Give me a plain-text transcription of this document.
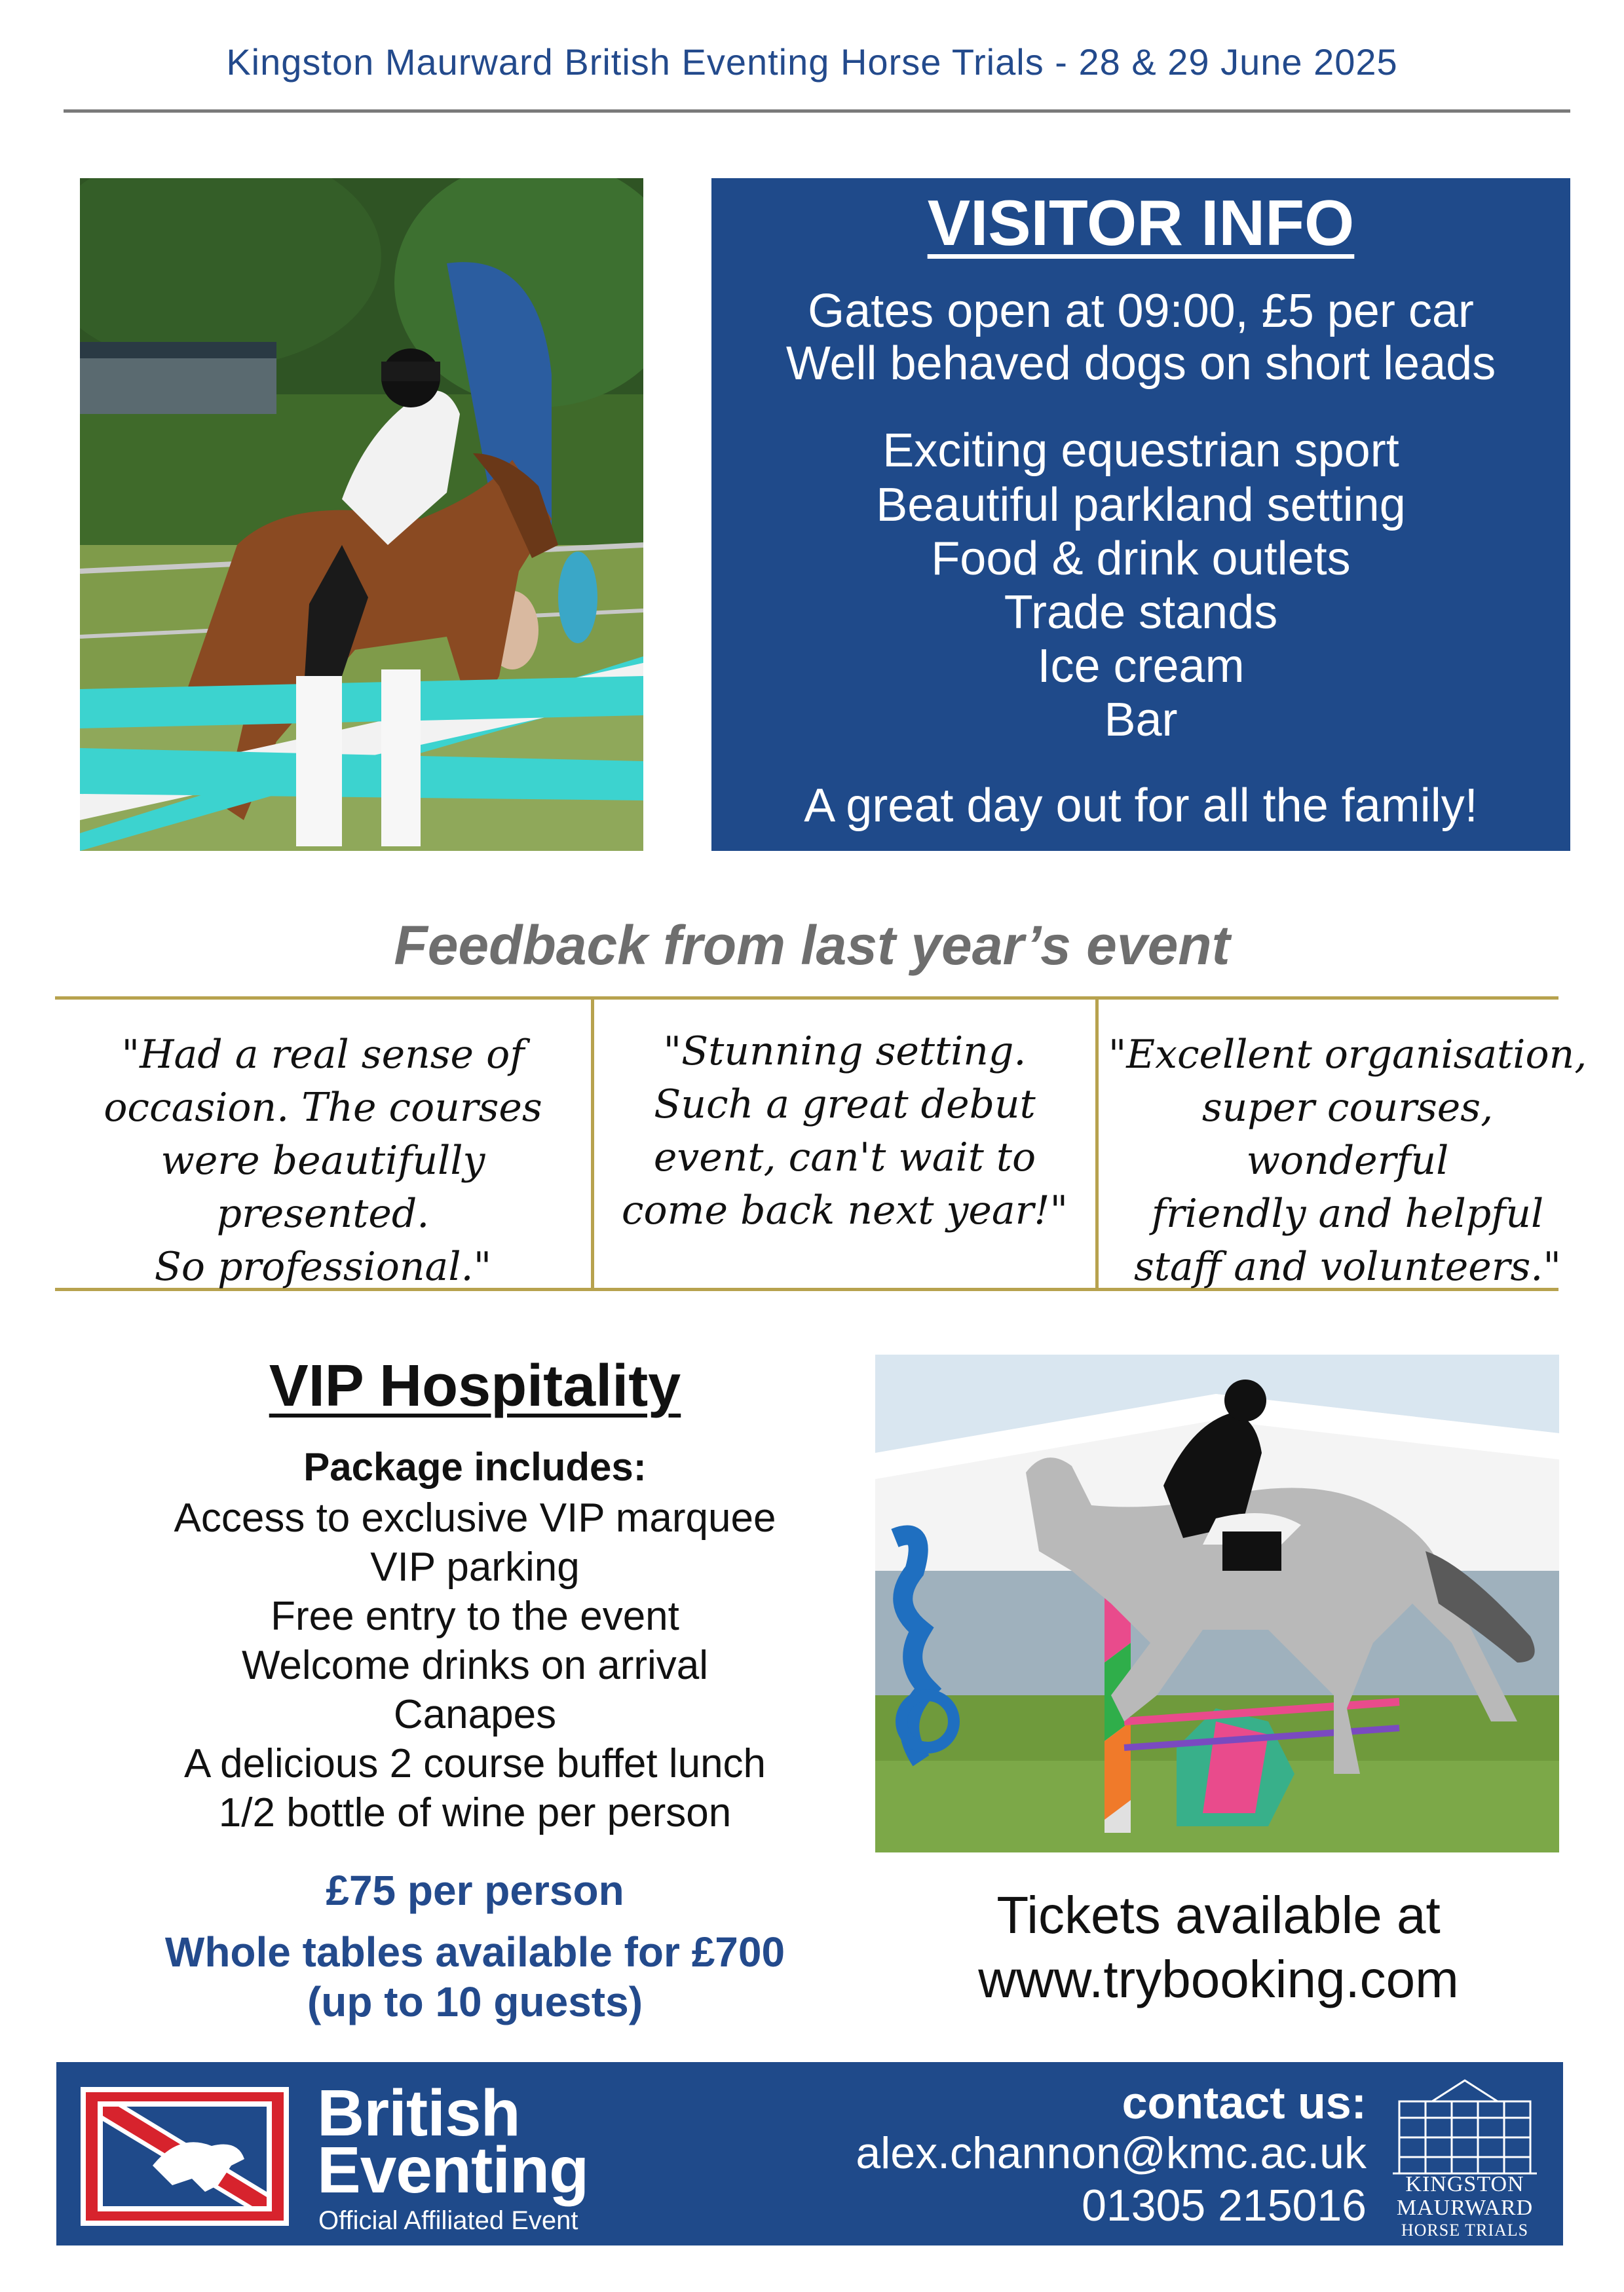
Kingston Maurward British Eventing Horse Trials - 28 & 29 June 2025
VISITOR INFO
Gates open at 09:00, £5 per car
Well behaved dogs on short leads
Exciting equestrian sport
Beautiful parkland setting
Food & drink outlets
Trade stands
Ice cream
Bar
A great day out for all the family!
Feedback from last year’s event
"Had a real sense of
occasion. The courses
were beautifully presented.
So professional."
"Stunning setting.
Such a great debut
event, can't wait to
come back next year!"
"Excellent organisation,
super courses, wonderful
friendly and helpful
staff and volunteers."
VIP Hospitality
Package includes:
Access to exclusive VIP marquee
VIP parking
Free entry to the event
Welcome drinks on arrival
Canapes
A delicious 2 course buffet lunch
1/2 bottle of wine per person
£75 per person
Whole tables available for £700
(up to 10 guests)
Tickets available at
www.trybooking.com
British
Eventing
Official Affiliated Event
contact us:
alex.channon@kmc.ac.uk
01305 215016	KINGSTON
MAURWARD
HORSE TRIALS
